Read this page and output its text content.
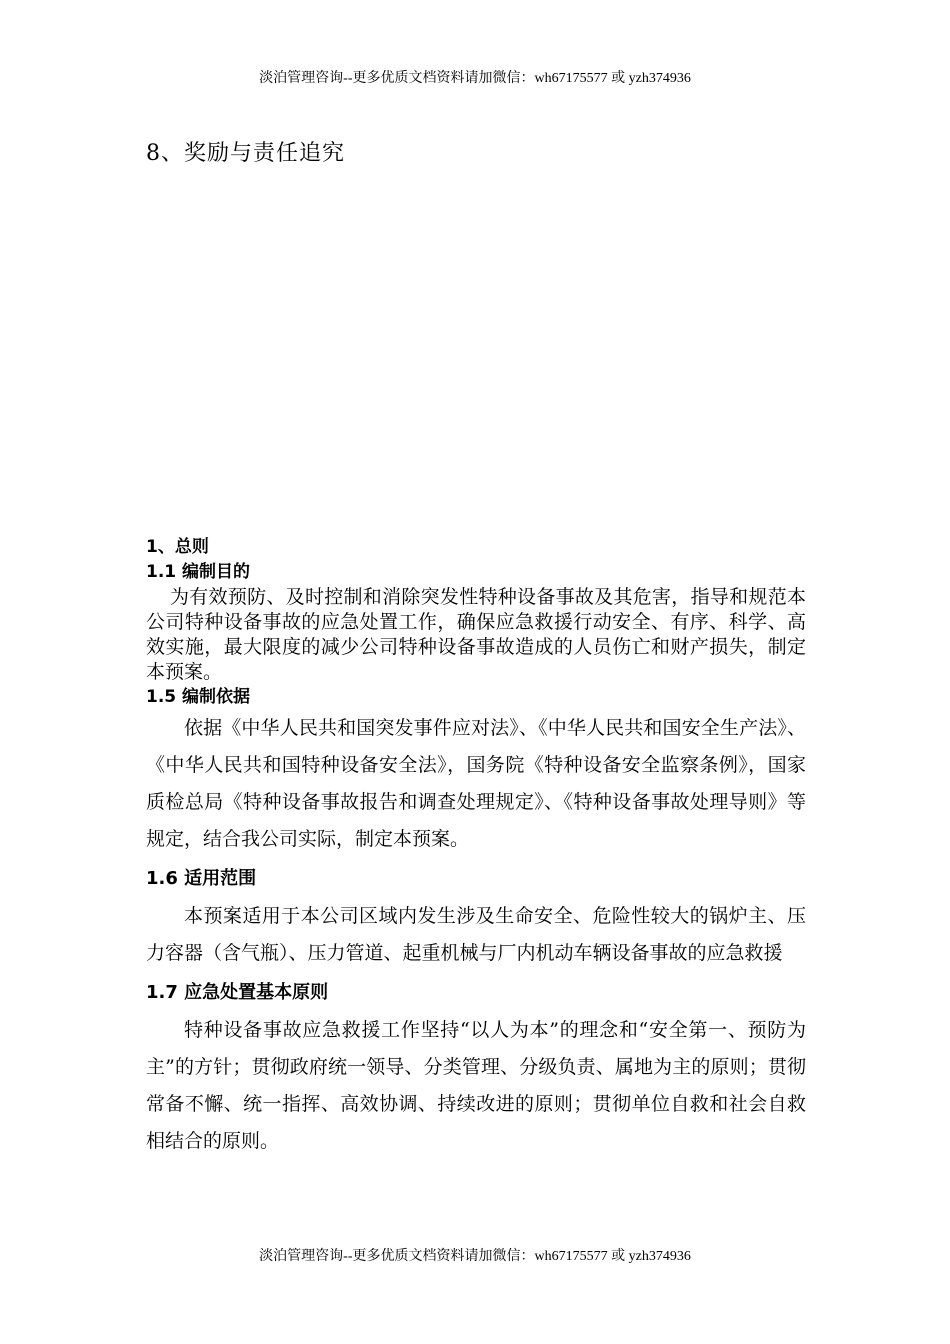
淡泊管理咨询--更多优质文档资料请加微信：wh67175577 或 yzh374936
8、奖励与责任追究
1、总则
1.1 编制目的
为有效预防、及时控制和消除突发性特种设备事故及其危害，指导和规范本公司特种设备事故的应急处置工作，确保应急救援行动安全、有序、科学、高效实施，最大限度的减少公司特种设备事故造成的人员伤亡和财产损失，制定本预案。
1.5 编制依据
依据《中华人民共和国突发事件应对法》、《中华人民共和国安全生产法》、《中华人民共和国特种设备安全法》，国务院《特种设备安全监察条例》，国家质检总局《特种设备事故报告和调查处理规定》、《特种设备事故处理导则》等规定，结合我公司实际，制定本预案。
1.6 适用范围
本预案适用于本公司区域内发生涉及生命安全、危险性较大的锅炉主、压力容器（含气瓶）、压力管道、起重机械与厂内机动车辆设备事故的应急救援
1.7 应急处置基本原则
特种设备事故应急救援工作坚持“以人为本”的理念和“安全第一、预防为主”的方针；贯彻政府统一领导、分类管理、分级负责、属地为主的原则；贯彻常备不懈、统一指挥、高效协调、持续改进的原则；贯彻单位自救和社会自救相结合的原则。
淡泊管理咨询--更多优质文档资料请加微信：wh67175577 或 yzh374936
